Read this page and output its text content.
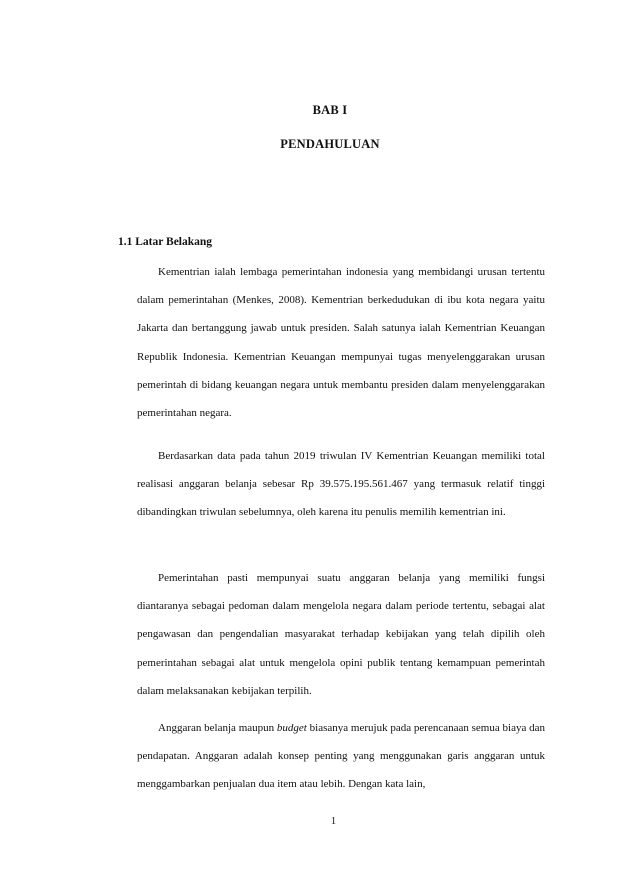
BAB I
PENDAHULUAN
1.1 Latar Belakang

Kementrian ialah lembaga pemerintahan indonesia yang membidangi urusan tertentu dalam pemerintahan (Menkes, 2008). Kementrian berkedudukan di ibu kota negara yaitu Jakarta dan bertanggung jawab untuk presiden. Salah satunya ialah Kementrian Keuangan Republik Indonesia. Kementrian Keuangan mempunyai tugas menyelenggarakan urusan pemerintah di bidang keuangan negara untuk membantu presiden dalam menyelenggarakan pemerintahan negara.

Berdasarkan data pada tahun 2019 triwulan IV Kementrian Keuangan memiliki total realisasi anggaran belanja sebesar Rp 39.575.195.561.467 yang termasuk relatif tinggi dibandingkan triwulan sebelumnya, oleh karena itu penulis memilih kementrian ini.

Pemerintahan pasti mempunyai suatu anggaran belanja yang memiliki fungsi diantaranya sebagai pedoman dalam mengelola negara dalam periode tertentu, sebagai alat pengawasan dan pengendalian masyarakat terhadap kebijakan yang telah dipilih oleh pemerintahan sebagai alat untuk mengelola opini publik tentang kemampuan pemerintah dalam melaksanakan kebijakan terpilih.

Anggaran belanja maupun budget biasanya merujuk pada perencanaan semua biaya dan pendapatan. Anggaran adalah konsep penting yang menggunakan garis anggaran untuk menggambarkan penjualan dua item atau lebih. Dengan kata lain,

1
